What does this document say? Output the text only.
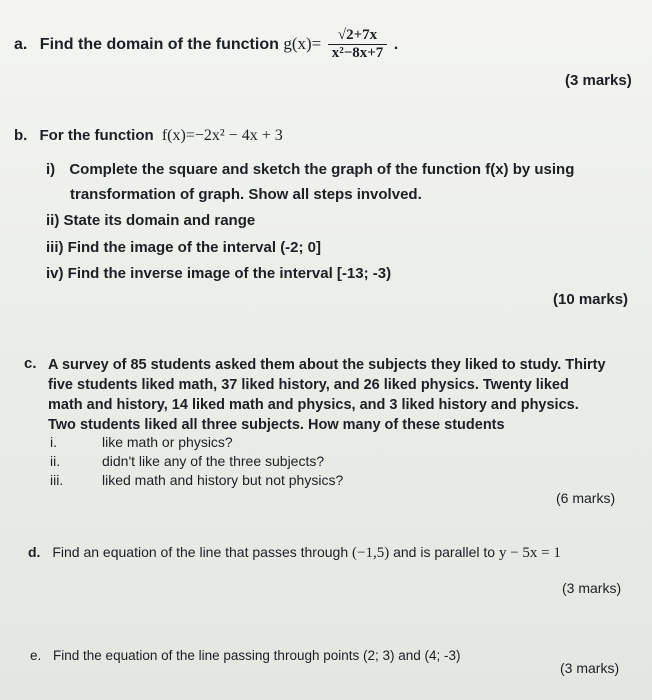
a. Find the domain of the function $g(x)= \frac{√2+7x}{\text{x²−8x+7}}$ .
(3 marks)
b. For the function f(x)=−2x² − 4x + 3
i) Complete the square and sketch the graph of the function f(x) by using
transformation of graph. Show all steps involved.
ii) State its domain and range
iii) Find the image of the interval (-2; 0]
iv) Find the inverse image of the interval [-13; -3)
(10 marks)
c. A survey of 85 students asked them about the subjects they liked to study. Thirty
five students liked math, 37 liked history, and 26 liked physics. Twenty liked
math and history, 14 liked math and physics, and 3 liked history and physics.
Two students liked all three subjects. How many of these students
i.	like math or physics?
ii.	didn't like any of the three subjects?
iii.	liked math and history but not physics?
(6 marks)
d. Find an equation of the line that passes through (−1,5) and is parallel to y − 5x = 1
(3 marks)
e. Find the equation of the line passing through points (2; 3) and (4; -3)
(3 marks)
